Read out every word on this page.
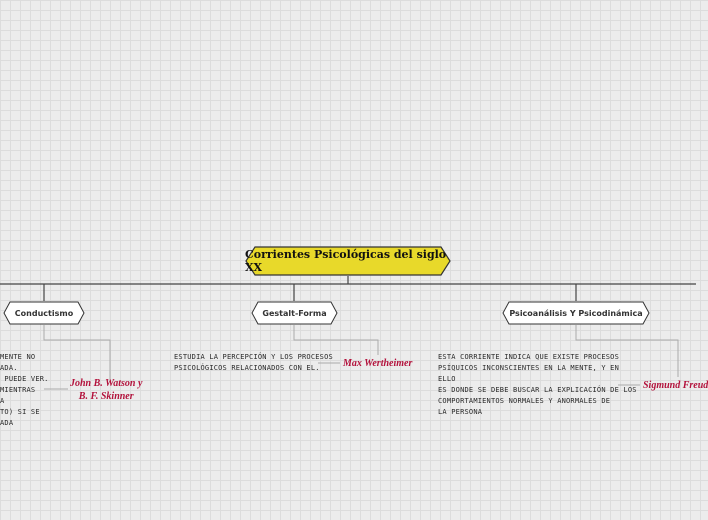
Corrientes Psicológicas del siglo XX
Conductismo
MENTE NO
ADA.
PUEDE VER.
MIENTRAS
A
TO) SI SE
ADA
John B. Watson y
B. F. Skinner
Gestalt-Forma
ESTUDIA LA PERCEPCIÓN Y LOS PROCESOS
PSICOLÓGICOS RELACIONADOS CON EL.	Max Wertheimer
Psicoanálisis Y Psicodinámica
ESTA CORRIENTE INDICA QUE EXISTE PROCESOS
PSÍQUICOS INCONSCIENTES EN LA MENTE, Y EN
ELLO
ES DONDE SE DEBE BUSCAR LA EXPLICACIÓN DE LOS
COMPORTAMIENTOS NORMALES Y ANORMALES DE
LA PERSONA
Sigmund Freud
